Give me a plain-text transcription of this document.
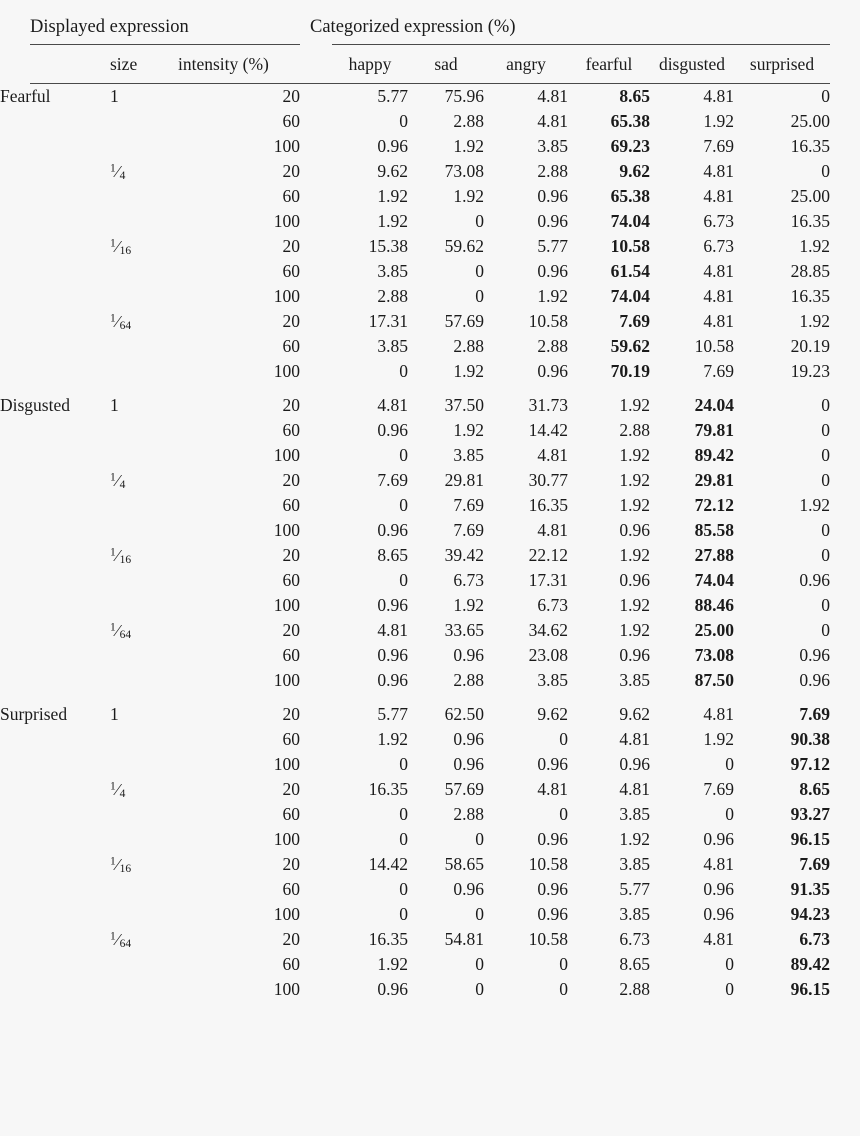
Displayed expression			Categorized expression (%)							

	size	intensity (%)		happy	sad	angry	fearful	disgusted	surprised	

Fearful	1	20		5.77	75.96	4.81	8.65	4.81	0	
		60		0	2.88	4.81	65.38	1.92	25.00	
		100		0.96	1.92	3.85	69.23	7.69	16.35	
	$^1$⁄4	20		9.62	73.08	2.88	9.62	4.81	0	
		60		1.92	1.92	0.96	65.38	4.81	25.00	
		100		1.92	0	0.96	74.04	6.73	16.35	
	$^1$⁄16	20		15.38	59.62	5.77	10.58	6.73	1.92	
		60		3.85	0	0.96	61.54	4.81	28.85	
		100		2.88	0	1.92	74.04	4.81	16.35	
	$^1$⁄64	20		17.31	57.69	10.58	7.69	4.81	1.92	
		60		3.85	2.88	2.88	59.62	10.58	20.19	
		100		0	1.92	0.96	70.19	7.69	19.23	
Disgusted	1	20		4.81	37.50	31.73	1.92	24.04	0	
		60		0.96	1.92	14.42	2.88	79.81	0	
		100		0	3.85	4.81	1.92	89.42	0	
	$^1$⁄4	20		7.69	29.81	30.77	1.92	29.81	0	
		60		0	7.69	16.35	1.92	72.12	1.92	
		100		0.96	7.69	4.81	0.96	85.58	0	
	$^1$⁄16	20		8.65	39.42	22.12	1.92	27.88	0	
		60		0	6.73	17.31	0.96	74.04	0.96	
		100		0.96	1.92	6.73	1.92	88.46	0	
	$^1$⁄64	20		4.81	33.65	34.62	1.92	25.00	0	
		60		0.96	0.96	23.08	0.96	73.08	0.96	
		100		0.96	2.88	3.85	3.85	87.50	0.96	
Surprised	1	20		5.77	62.50	9.62	9.62	4.81	7.69	
		60		1.92	0.96	0	4.81	1.92	90.38	
		100		0	0.96	0.96	0.96	0	97.12	
	$^1$⁄4	20		16.35	57.69	4.81	4.81	7.69	8.65	
		60		0	2.88	0	3.85	0	93.27	
		100		0	0	0.96	1.92	0.96	96.15	
	$^1$⁄16	20		14.42	58.65	10.58	3.85	4.81	7.69	
		60		0	0.96	0.96	5.77	0.96	91.35	
		100		0	0	0.96	3.85	0.96	94.23	
	$^1$⁄64	20		16.35	54.81	10.58	6.73	4.81	6.73	
		60		1.92	0	0	8.65	0	89.42	
		100		0.96	0	0	2.88	0	96.15	
